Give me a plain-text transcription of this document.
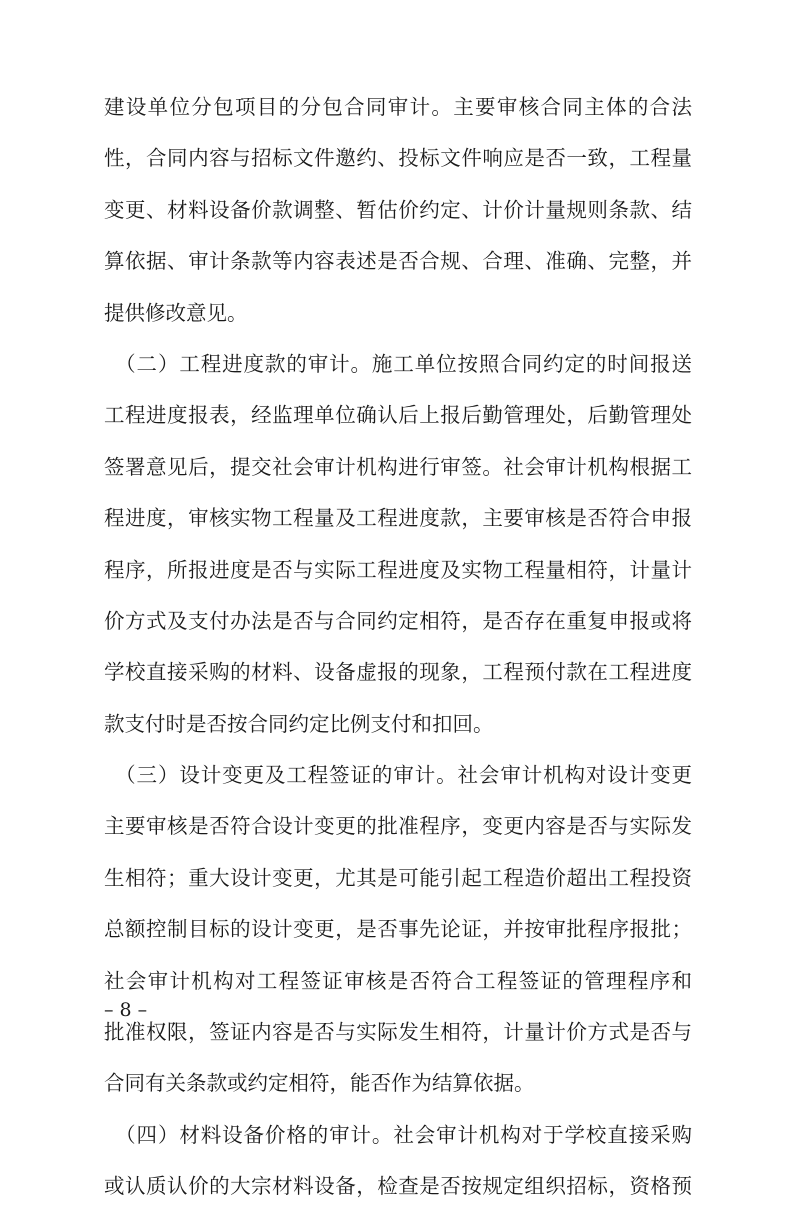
建设单位分包项目的分包合同审计。主要审核合同主体的合法
性，合同内容与招标文件邀约、投标文件响应是否一致，工程量
变更、材料设备价款调整、暂估价约定、计价计量规则条款、结
算依据、审计条款等内容表述是否合规、合理、准确、完整，并
提供修改意见。
　（二）工程进度款的审计。施工单位按照合同约定的时间报送
工程进度报表，经监理单位确认后上报后勤管理处，后勤管理处
签署意见后，提交社会审计机构进行审签。社会审计机构根据工
程进度，审核实物工程量及工程进度款，主要审核是否符合申报
程序，所报进度是否与实际工程进度及实物工程量相符，计量计
价方式及支付办法是否与合同约定相符，是否存在重复申报或将
学校直接采购的材料、设备虚报的现象，工程预付款在工程进度
款支付时是否按合同约定比例支付和扣回。
　（三）设计变更及工程签证的审计。社会审计机构对设计变更
主要审核是否符合设计变更的批准程序，变更内容是否与实际发
生相符；重大设计变更，尤其是可能引起工程造价超出工程投资
总额控制目标的设计变更，是否事先论证，并按审批程序报批；
社会审计机构对工程签证审核是否符合工程签证的管理程序和
批准权限，签证内容是否与实际发生相符，计量计价方式是否与
合同有关条款或约定相符，能否作为结算依据。
　（四）材料设备价格的审计。社会审计机构对于学校直接采购
或认质认价的大宗材料设备，检查是否按规定组织招标，资格预
– 8 –
